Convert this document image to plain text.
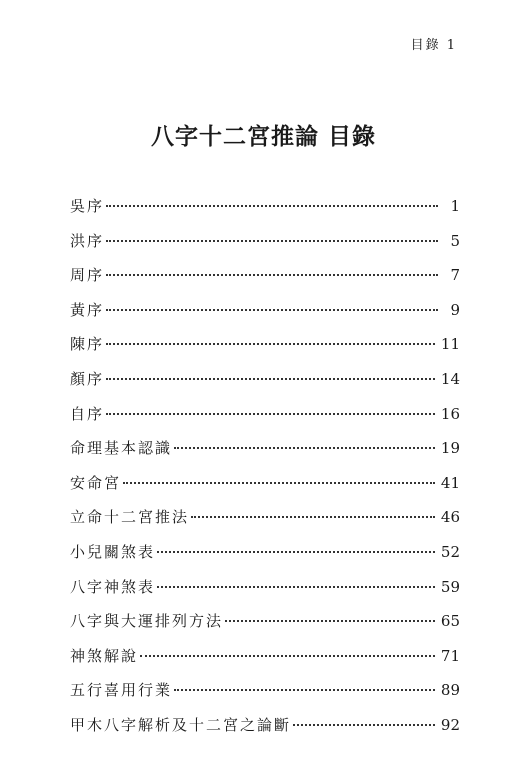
目錄 1
八字十二宮推論 目錄
吳序	1
洪序	5
周序	7
黃序	9
陳序	11
顏序	14
自序	16
命理基本認識	19
安命宮	41
立命十二宮推法	46
小兒關煞表	52
八字神煞表	59
八字與大運排列方法	65
神煞解說	71
五行喜用行業	89
甲木八字解析及十二宮之論斷	92
